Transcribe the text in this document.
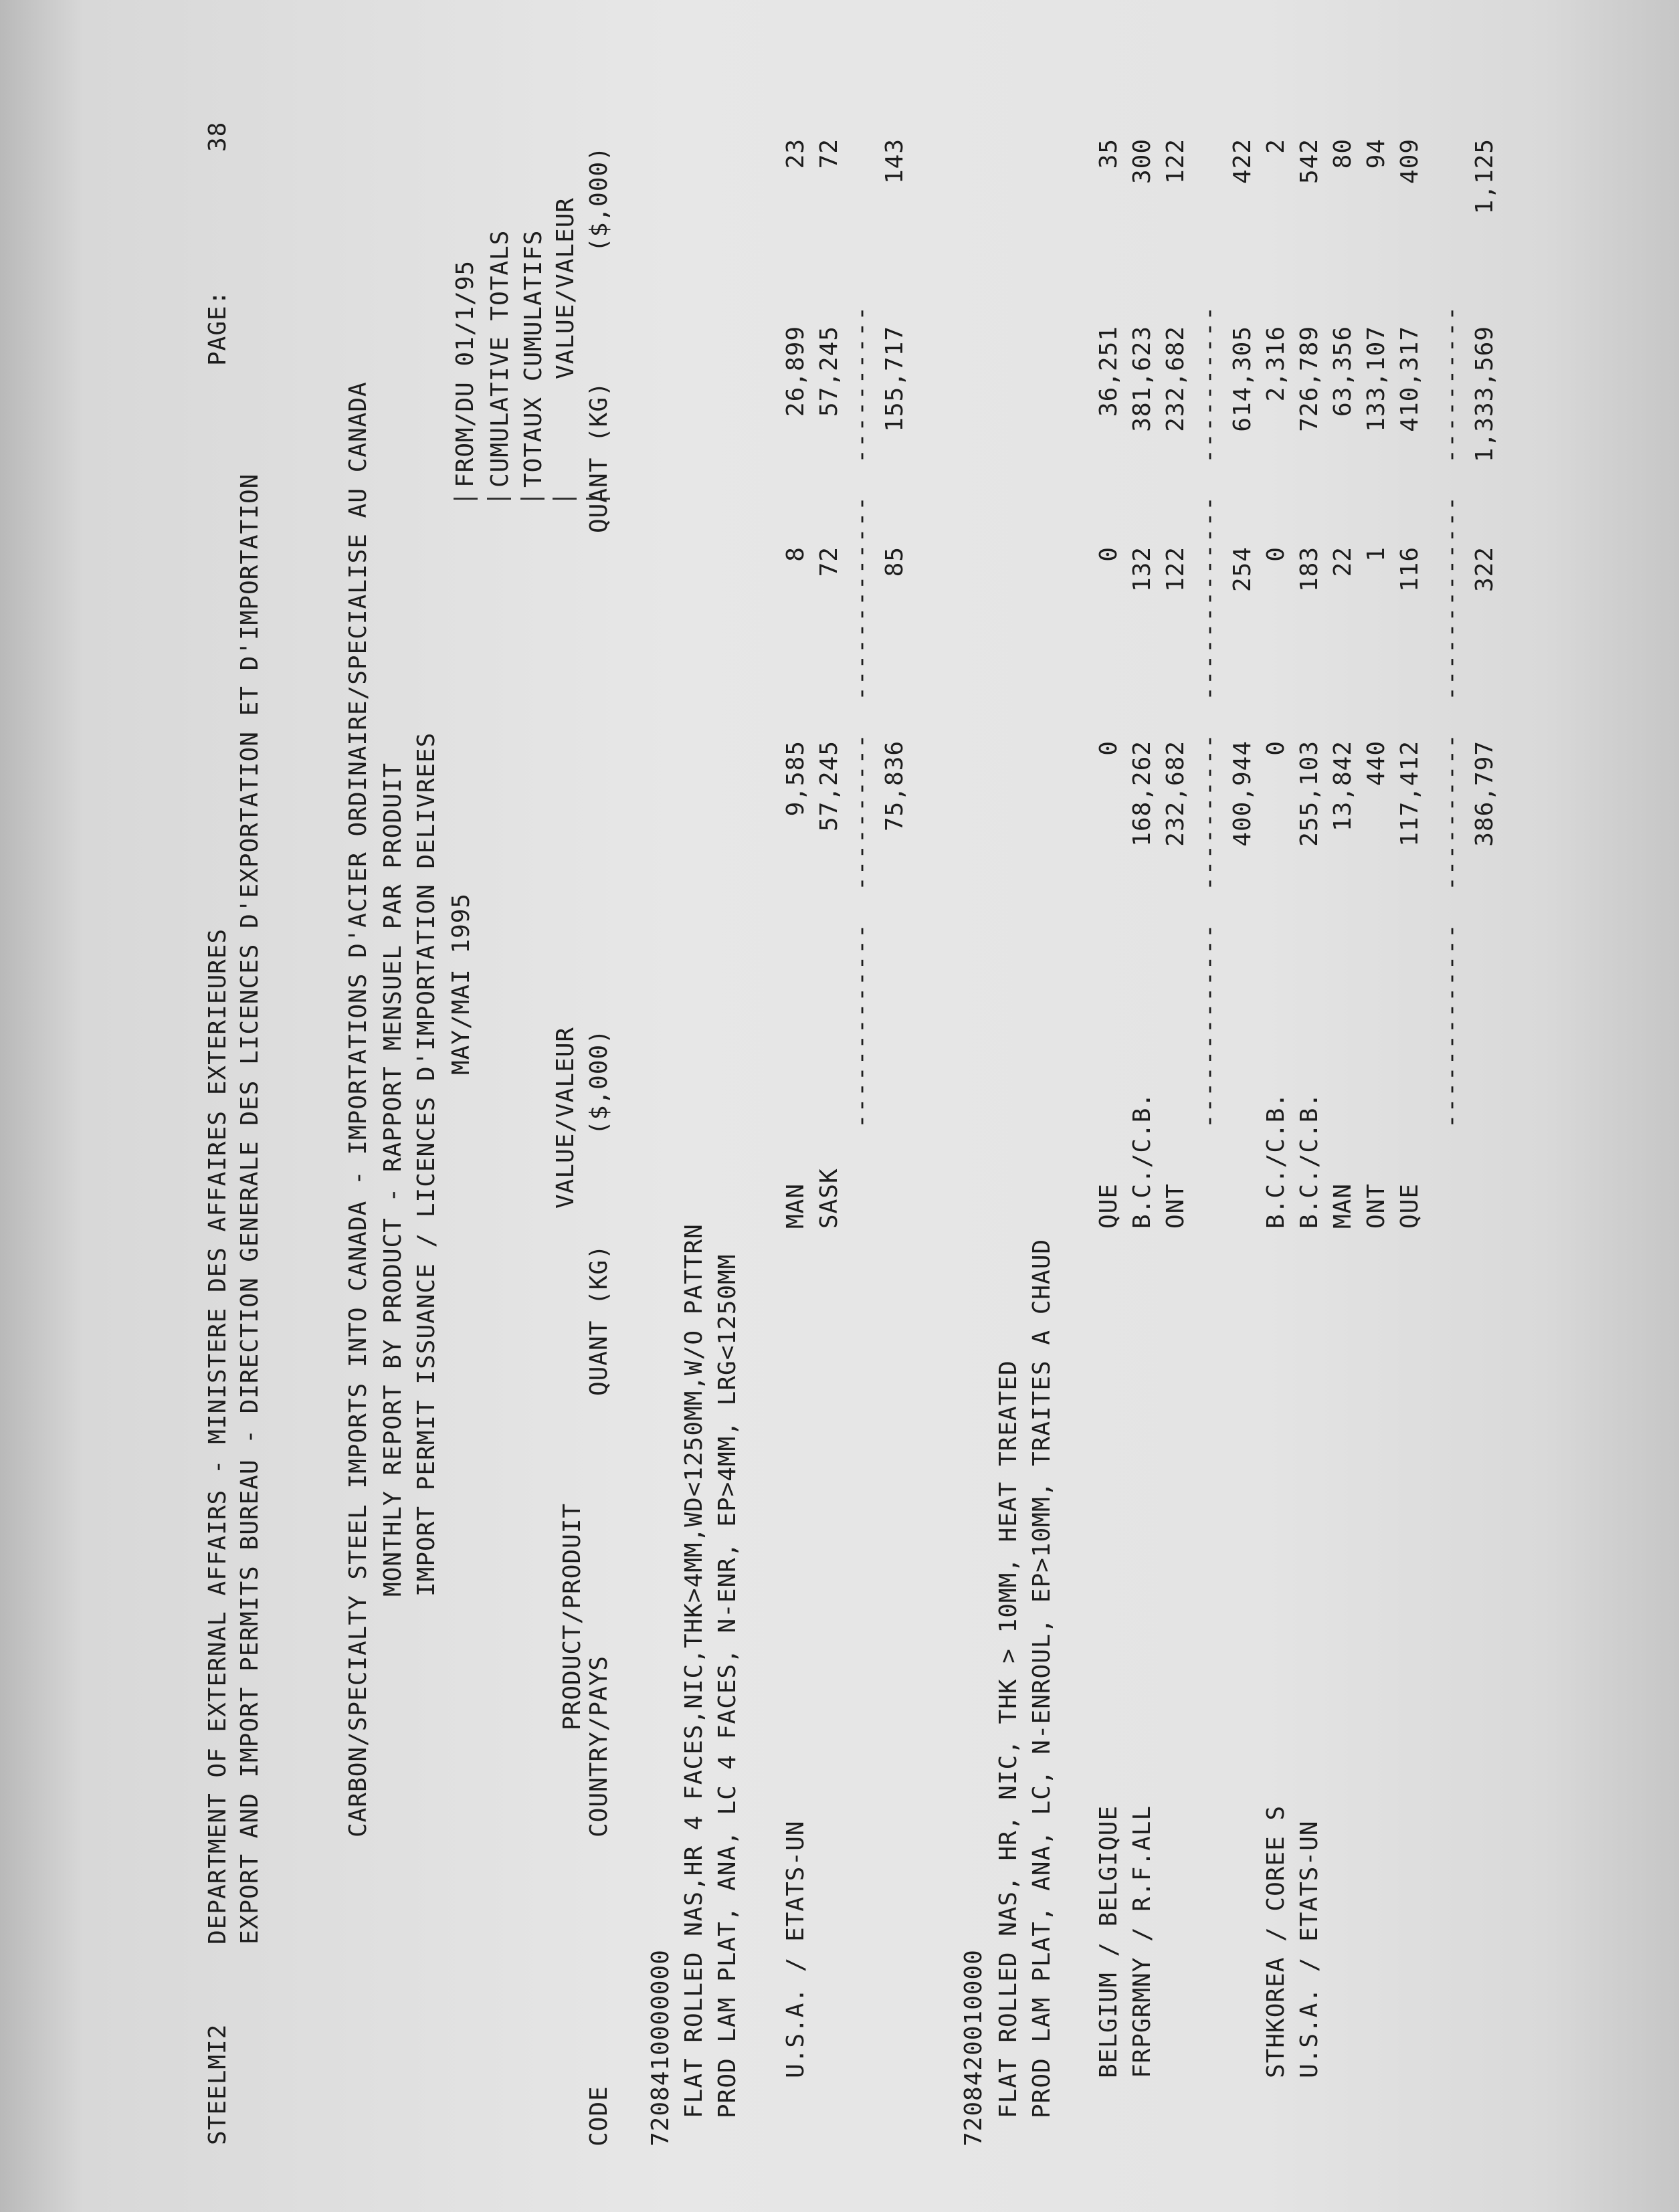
STEELMI2
DEPARTMENT OF EXTERNAL AFFAIRS - MINISTERE DES AFFAIRES EXTERIEURES EXPORT AND IMPORT PERMITS BUREAU - DIRECTION GENERALE DES LICENCES D'EXPORTATION ET D'IMPORTATION
PAGE:
38
CARBON/SPECIALTY STEEL IMPORTS INTO CANADA - IMPORTATIONS D'ACIER ORDINAIRE/SPECIALISE AU CANADA MONTHLY REPORT BY PRODUCT - RAPPORT MENSUEL PAR PRODUIT IMPORT PERMIT ISSUANCE / LICENCES D'IMPORTATION DELIVREES MAY/MAI 1995
FROM/DU 01/1/95 CUMULATIVE TOTALS TOTAUX CUMULATIFS
VALUE/VALEUR
VALUE/VALEUR
PRODUCT/PRODUIT
CODE
COUNTRY/PAYS
QUANT (KG)
($,000)
QUANT (KG)
($,000)
7208410000000 FLAT ROLLED NAS,HR 4 FACES,NIC,THK>4MM,WD<1250MM,W/O PATTRN PROD LAM PLAT, ANA, LC 4 FACES, N-ENR, EP>4MM, LRG<1250MM U.S.A. / ETATS-UN
MAN
9,585
8
26,899
23
SASK
57,245
72
57,245
72
-------------  ----------  -------------  ---------- 75,836
85
155,717
143
7208420010000 FLAT ROLLED NAS, HR, NIC, THK > 10MM, HEAT TREATED PROD LAM PLAT, ANA, LC, N-ENROUL, EP>10MM, TRAITES A CHAUD BELGIUM / BELGIQUE
QUE
0
0
36,251
35
FRPGRMNY / R.F.ALL
B.C./C.B.
168,262
132
381,623
300
ONT
232,682
122
232,682
122
-------------  ----------  -------------  ---------- 400,944
254
614,305
422
STHKOREA / COREE S
B.C./C.B.
0
0
2,316
2
U.S.A. / ETATS-UN
B.C./C.B.
255,103
183
726,789
542
MAN
13,842
22
63,356
80
ONT
440
1
133,107
94
QUE
117,412
116
410,317
409
-------------  ----------  -------------  ---------- 386,797
322
1,333,569
1,125
